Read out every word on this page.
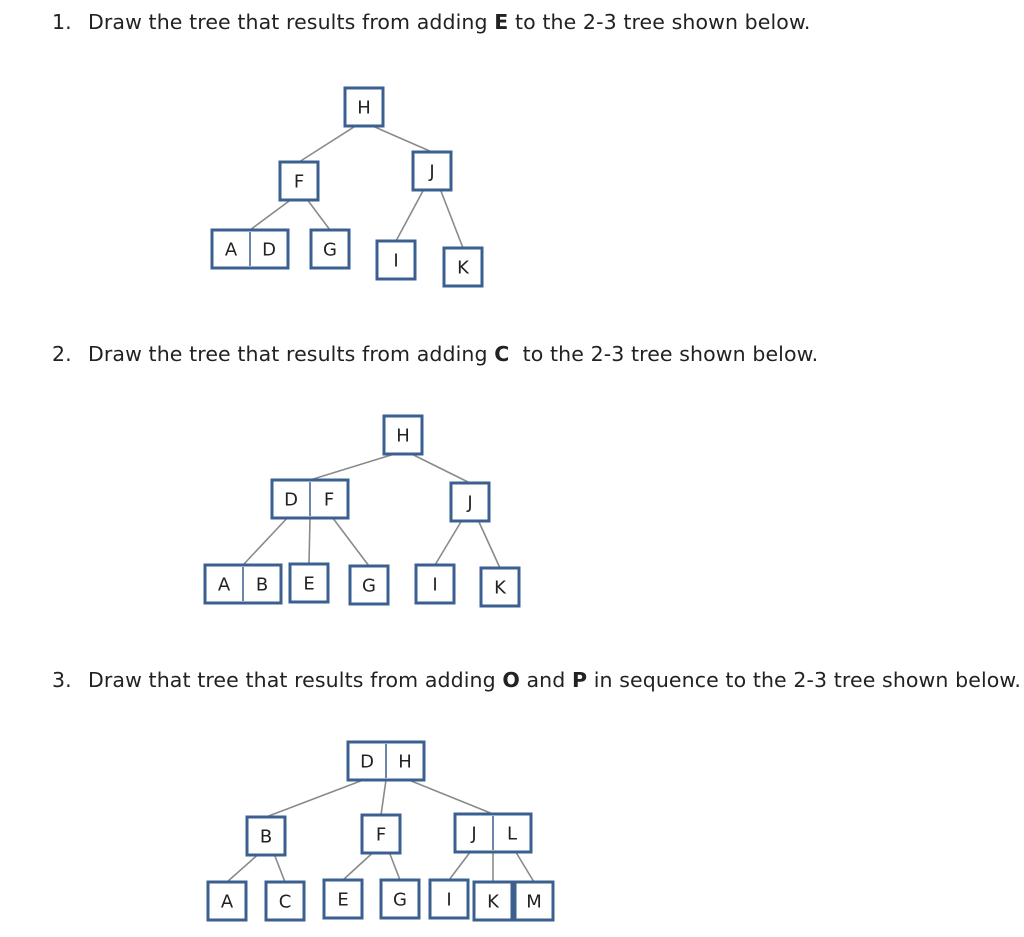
1. Draw the tree that results from adding E to the 2-3 tree shown below.
2. Draw the tree that results from adding C  to the 2-3 tree shown below.
3. Draw that tree that results from adding O and P in sequence to the 2-3 tree shown below.
H
F	J
A D	G
I	K
H
D F	J
A B E	G	I	K
D H
B	F	J L
A	C	E G I K M
